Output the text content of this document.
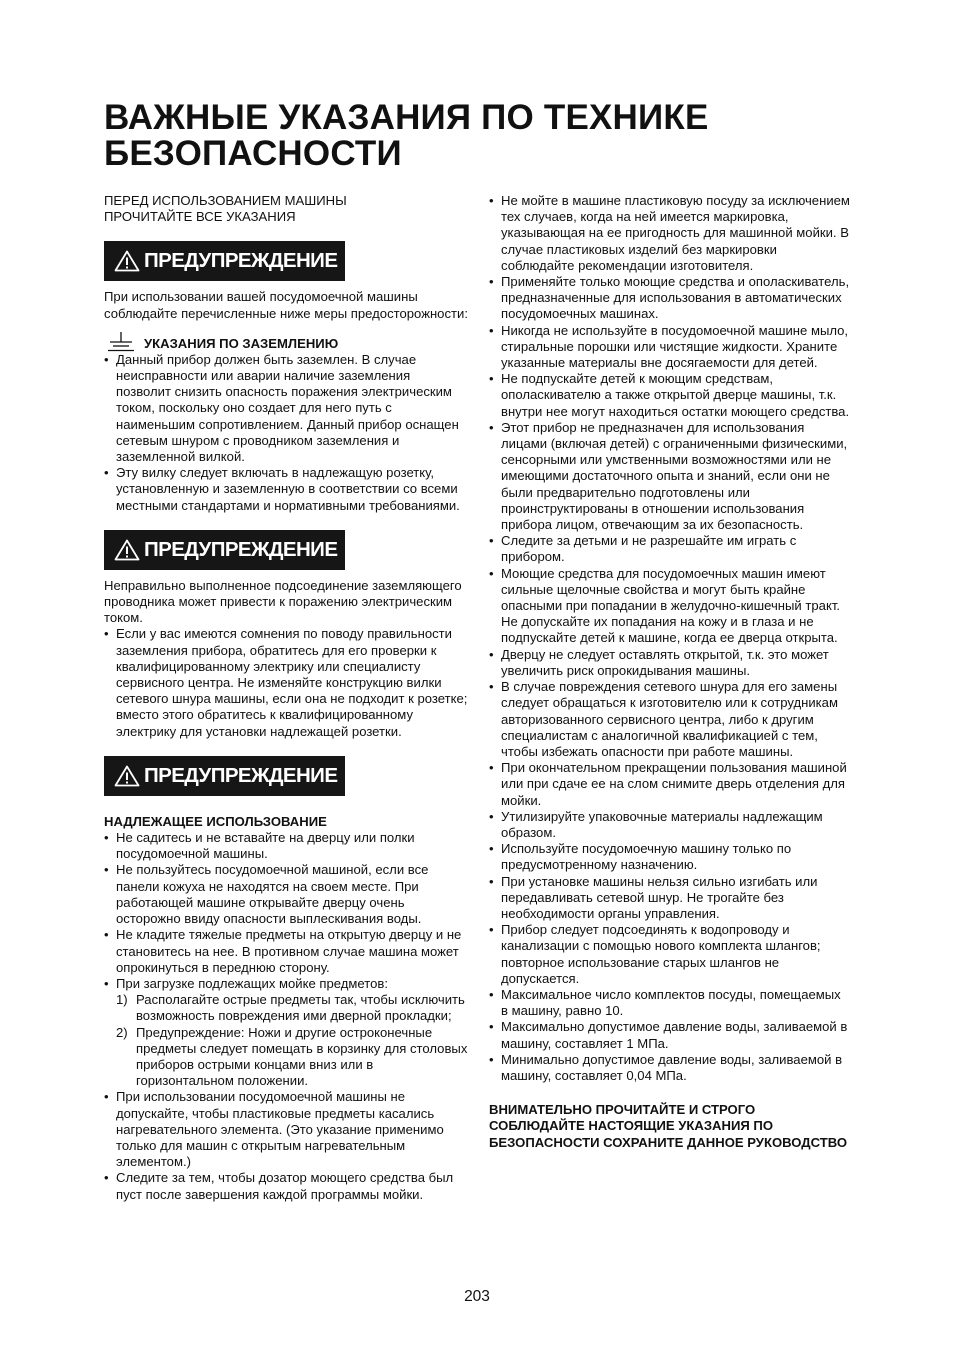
ВАЖНЫЕ УКАЗАНИЯ ПО ТЕХНИКЕ БЕЗОПАСНОСТИ

ПЕРЕД ИСПОЛЬЗОВАНИЕМ МАШИНЫ

ПРОЧИТАЙТЕ ВСЕ УКАЗАНИЯ

ПРЕДУПРЕЖДЕНИЕ

При использовании вашей посудомоечной машины соблюдайте перечисленные ниже меры предосторожности:

УКАЗАНИЯ ПО ЗАЗЕМЛЕНИЮ
• Данный прибор должен быть заземлен. В случае неисправности или аварии наличие заземления позволит снизить опасность поражения электрическим током, поскольку оно создает для него путь с наименьшим сопротивлением. Данный прибор оснащен сетевым шнуром с проводником заземления и заземленной вилкой.
• Эту вилку следует включать в надлежащую розетку, установленную и заземленную в соответствии со всеми местными стандартами и нормативными требованиями.
ПРЕДУПРЕЖДЕНИЕ

Неправильно выполненное подсоединение заземляющего проводника может привести к поражению электрическим током.

• Если у вас имеются сомнения по поводу правильности заземления прибора, обратитесь для его проверки к квалифицированному электрику или специалисту сервисного центра. Не изменяйте конструкцию вилки сетевого шнура машины, если она не подходит к розетке; вместо этого обратитесь к квалифицированному электрику для установки надлежащей розетки.
ПРЕДУПРЕЖДЕНИЕ

НАДЛЕЖАЩЕЕ ИСПОЛЬЗОВАНИЕ

• Не садитесь и не вставайте на дверцу или полки посудомоечной машины.
• Не пользуйтесь посудомоечной машиной, если все панели кожуха не находятся на своем месте. При работающей машине открывайте дверцу очень осторожно ввиду опасности выплескивания воды.
• Не кладите тяжелые предметы на открытую дверцу и не становитесь на нее. В противном случае машина может опрокинуться в переднюю сторону.
• При загрузке подлежащих мойке предметов:
1) Располагайте острые предметы так, чтобы исключить возможность повреждения ими дверной прокладки;
2) Предупреждение: Ножи и другие остроконечные предметы следует помещать в корзинку для столовых приборов острыми концами вниз или в горизонтальном положении.
• При использовании посудомоечной машины не допускайте, чтобы пластиковые предметы касались нагревательного элемента. (Это указание применимо только для машин с открытым нагревательным элементом.)
• Следите за тем, чтобы дозатор моющего средства был пуст после завершения каждой программы мойки.
• Не мойте в машине пластиковую посуду за исключением тех случаев, когда на ней имеется маркировка, указывающая на ее пригодность для машинной мойки. В случае пластиковых изделий без маркировки соблюдайте рекомендации изготовителя.
• Применяйте только моющие средства и ополаскиватель, предназначенные для использования в автоматических посудомоечных машинах.
• Никогда не используйте в посудомоечной машине мыло, стиральные порошки или чистящие жидкости. Храните указанные материалы вне досягаемости для детей.
• Не подпускайте детей к моющим средствам, ополаскивателю а также открытой дверце машины, т.к. внутри нее могут находиться остатки моющего средства.
• Этот прибор не предназначен для использования лицами (включая детей) с ограниченными физическими, сенсорными или умственными возможностями или не имеющими достаточного опыта и знаний, если они не были предварительно подготовлены или проинструктированы в отношении использования прибора лицом, отвечающим за их безопасность.
• Следите за детьми и не разрешайте им играть с прибором.
• Моющие средства для посудомоечных машин имеют сильные щелочные свойства и могут быть крайне опасными при попадании в желудочно-кишечный тракт. Не допускайте их попадания на кожу и в глаза и не подпускайте детей к машине, когда ее дверца открыта.
• Дверцу не следует оставлять открытой, т.к. это может увеличить риск опрокидывания машины.
• В случае повреждения сетевого шнура для его замены следует обращаться к изготовителю или к сотрудникам авторизованного сервисного центра, либо к другим специалистам с аналогичной квалификацией с тем, чтобы избежать опасности при работе машины.
• При окончательном прекращении пользования машиной или при сдаче ее на слом снимите дверь отделения для мойки.
• Утилизируйте упаковочные материалы надлежащим образом.
• Используйте посудомоечную машину только по предусмотренному назначению.
• При установке машины нельзя сильно изгибать или передавливать сетевой шнур. Не трогайте без необходимости органы управления.
• Прибор следует подсоединять к водопроводу и канализации с помощью нового комплекта шлангов; повторное использование старых шлангов не допускается.
• Максимальное число комплектов посуды, помещаемых в машину, равно 10.
• Максимально допустимое давление воды, заливаемой в машину, составляет 1 МПа.
• Минимально допустимое давление воды, заливаемой в машину, составляет 0,04 МПа.

ВНИМАТЕЛЬНО ПРОЧИТАЙТЕ И СТРОГО СОБЛЮДАЙТЕ НАСТОЯЩИЕ УКАЗАНИЯ ПО БЕЗОПАСНОСТИ СОХРАНИТЕ ДАННОЕ РУКОВОДСТВО

203
